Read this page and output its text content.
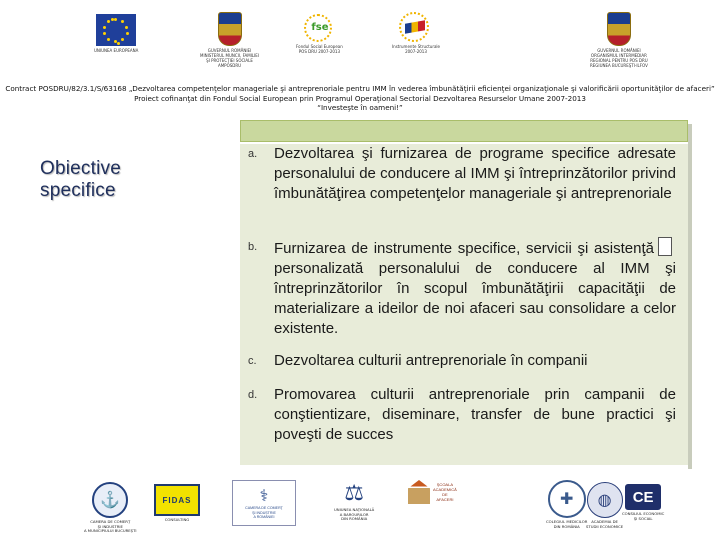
UNIUNEA EUROPEANA	GUVERNUL ROMÂNIEI
MINISTERUL MUNCII, FAMILIEI
ŞI PROTECŢIEI SOCIALE
AMPOSDRU
fse
Fondul Social European
POS DRU 2007-2013
Instrumente Structurale
2007-2013	GUVERNUL ROMÂNIEI
ORGANISMUL INTERMEDIAR
REGIONAL PENTRU POS DRU
REGIUNEA BUCUREŞTI-ILFOV
Contract POSDRU/82/3.1/S/63168 „Dezvoltarea competenţelor manageriale şi antreprenoriale pentru IMM în vederea îmbunătăţirii eficienţei organizaţionale şi valorificării oportunităţilor de afaceri”
Proiect cofinanţat din Fondul Social European prin Programul Operaţional Sectorial Dezvoltarea Resurselor Umane 2007-2013
“Investeşte în oameni!”
Obiective specifice
a.	Dezvoltarea şi furnizarea de programe specifice adresate personalului de conducere al IMM şi întreprinzătorilor privind îmbunătăţirea competenţelor manageriale şi antreprenoriale
b.	Furnizarea de instrumente specifice, servicii şi asistenţăpersonalizată personalului de conducere al IMM şi întreprinzătorilor în scopul îmbunătăţirii capacităţii de materializare a ideilor de noi afaceri sau consolidare a celor existente.
c.	Dezvoltarea culturii antreprenoriale în companii
d.	Promovarea culturii antreprenoriale prin campanii de conştientizare, diseminare, transfer de bune practici şi poveşti de succes
⚓
CAMERA DE COMERŢ
ŞI INDUSTRIE
A MUNICIPIULUI BUCUREŞTI
FIDAS
CONSULTING
⚕
CAMERA DE COMERŢ
ŞI INDUSTRIE
A ROMÂNIEI
⚖
UNIUNEA NAŢIONALĂ
A BAROURILOR
DIN ROMÂNIA
ŞCOALA
ACADEMICĂ
DE
AFACERI	✚
COLEGIUL MEDICILOR
DIN ROMÂNIA
◍
ACADEMIA DE
STUDII ECONOMICE
CE
CONSILIUL ECONOMIC
ŞI SOCIAL
